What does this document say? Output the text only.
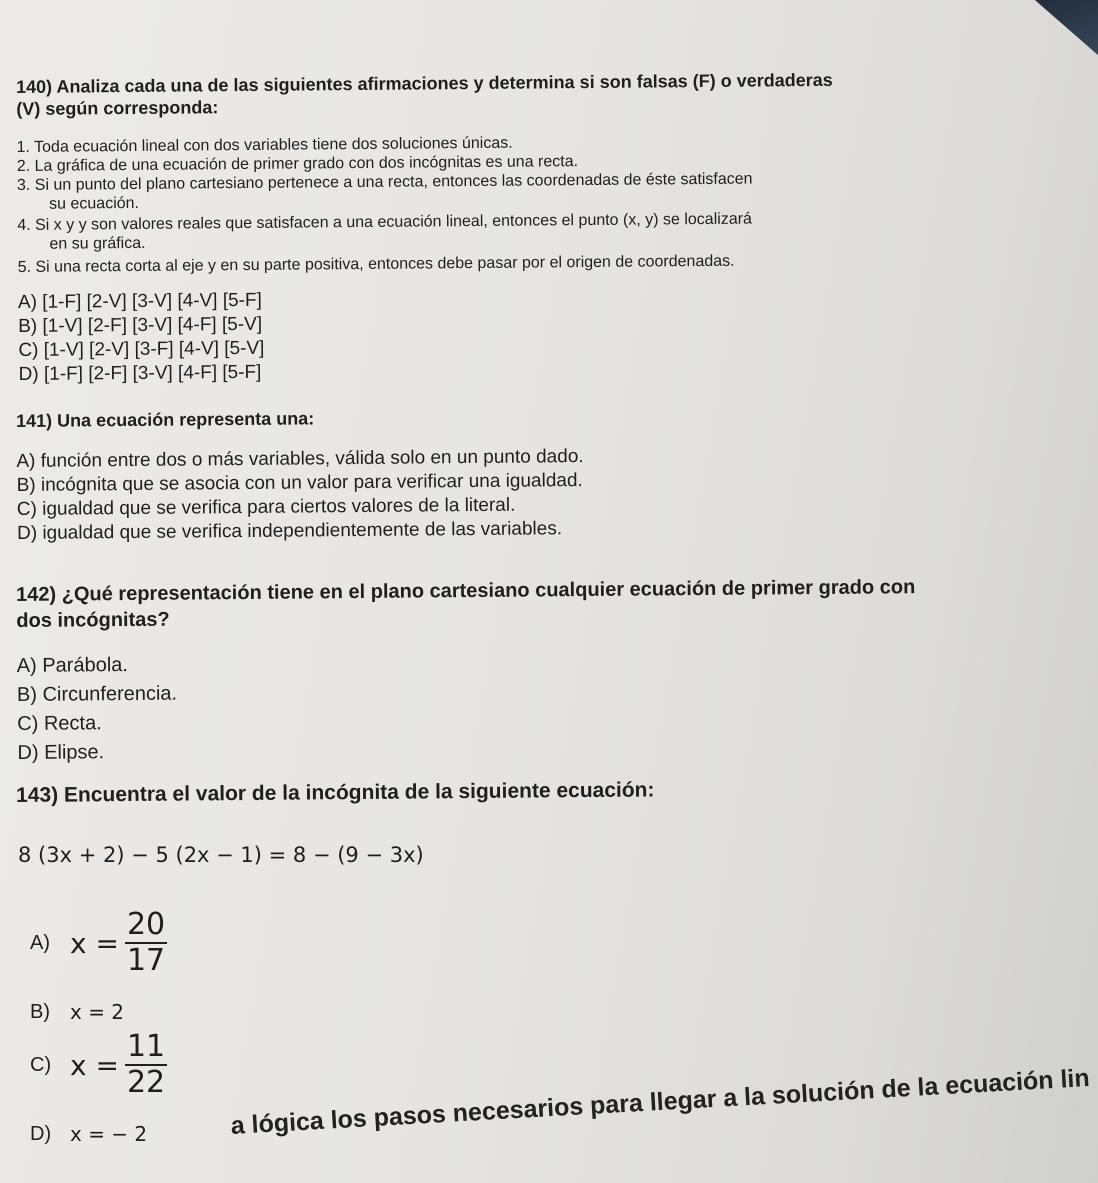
140) Analiza cada una de las siguientes afirmaciones y determina si son falsas (F) o verdaderas
(V) según corresponda:
1. Toda ecuación lineal con dos variables tiene dos soluciones únicas.
2. La gráfica de una ecuación de primer grado con dos incógnitas es una recta.
3. Si un punto del plano cartesiano pertenece a una recta, entonces las coordenadas de éste satisfacen
su ecuación.
4. Si x y y son valores reales que satisfacen a una ecuación lineal, entonces el punto (x, y) se localizará
en su gráfica.
5. Si una recta corta al eje y en su parte positiva, entonces debe pasar por el origen de coordenadas.
A) [1-F] [2-V] [3-V] [4-V] [5-F]
B) [1-V] [2-F] [3-V] [4-F] [5-V]
C) [1-V] [2-V] [3-F] [4-V] [5-V]
D) [1-F] [2-F] [3-V] [4-F] [5-F]
141) Una ecuación representa una:
A) función entre dos o más variables, válida solo en un punto dado.
B) incógnita que se asocia con un valor para verificar una igualdad.
C) igualdad que se verifica para ciertos valores de la literal.
D) igualdad que se verifica independientemente de las variables.
142) ¿Qué representación tiene en el plano cartesiano cualquier ecuación de primer grado con
dos incógnitas?
A) Parábola.
B) Circunferencia.
C) Recta.
D) Elipse.
143) Encuentra el valor de la incógnita de la siguiente ecuación:
8 (3x + 2) − 5 (2x − 1) = 8 − (9 − 3x)
A) $x = \frac{20}{17}$
B)	x = 2
C) $x = \frac{11}{22}$
D) x = − 2	a lógica los pasos necesarios para llegar a la solución de la ecuación lin
